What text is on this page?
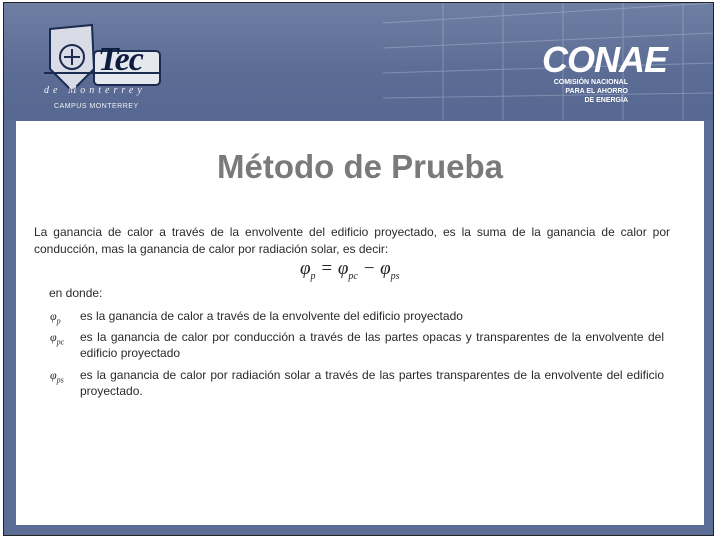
Tec
de Monterrey
CAMPUS MONTERREY
CONAE
COMISIÓN NACIONAL
PARA EL AHORRO
DE ENERGÍA
Método de Prueba
La ganancia de calor a través de la envolvente del edificio proyectado, es la suma de la ganancia de calor por conducción, mas la ganancia de calor por radiación solar, es decir:
$\varphi_p = \varphi_{pc} - \varphi_{ps}$
en donde:
$\varphi_p$ es la ganancia de calor a través de la envolvente del edificio proyectado
$\varphi_{pc}$ es la ganancia de calor por conducción a través de las partes opacas y transparentes de la envolvente del edificio proyectado
$\varphi_{ps}$ es la ganancia de calor por radiación solar a través de las partes transparentes de la envolvente del edificio proyectado.
